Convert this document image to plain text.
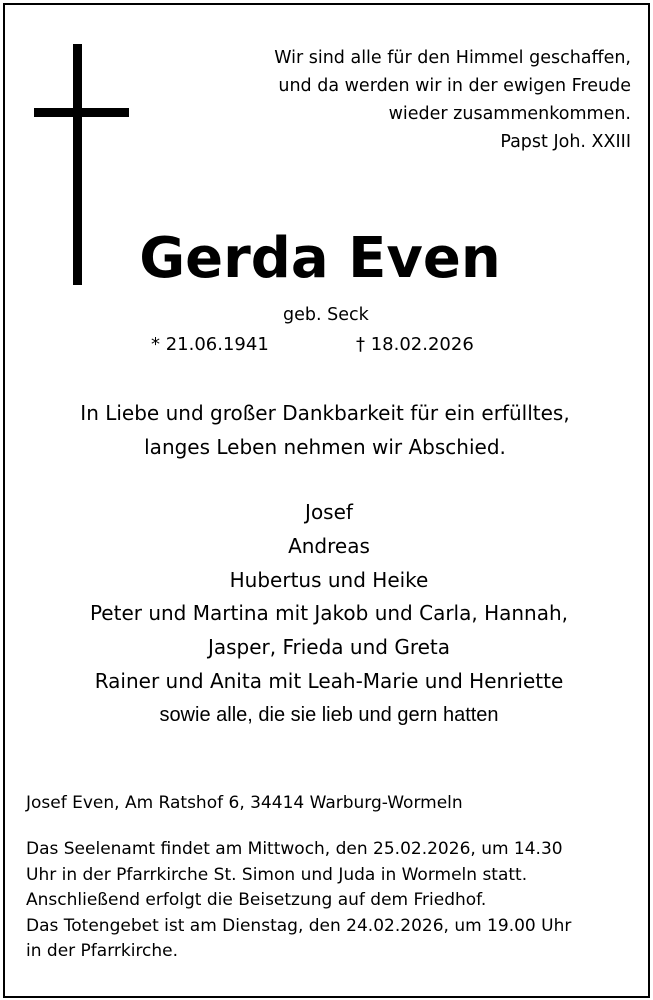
Wir sind alle für den Himmel geschaffen,
und da werden wir in der ewigen Freude
wieder zusammenkommen.
Papst Joh. XXIII
Gerda Even
geb. Seck
* 21.06.1941	† 18.02.2026
In Liebe und großer Dankbarkeit für ein erfülltes,
langes Leben nehmen wir Abschied.
Josef
Andreas
Hubertus und Heike
Peter und Martina mit Jakob und Carla, Hannah,
Jasper, Frieda und Greta
Rainer und Anita mit Leah-Marie und Henriette
sowie alle, die sie lieb und gern hatten
Josef Even, Am Ratshof 6, 34414 Warburg-Wormeln
Das Seelenamt findet am Mittwoch, den 25.02.2026, um 14.30
Uhr in der Pfarrkirche St. Simon und Juda in Wormeln statt.
Anschließend erfolgt die Beisetzung auf dem Friedhof.
Das Totengebet ist am Dienstag, den 24.02.2026, um 19.00 Uhr
in der Pfarrkirche.
